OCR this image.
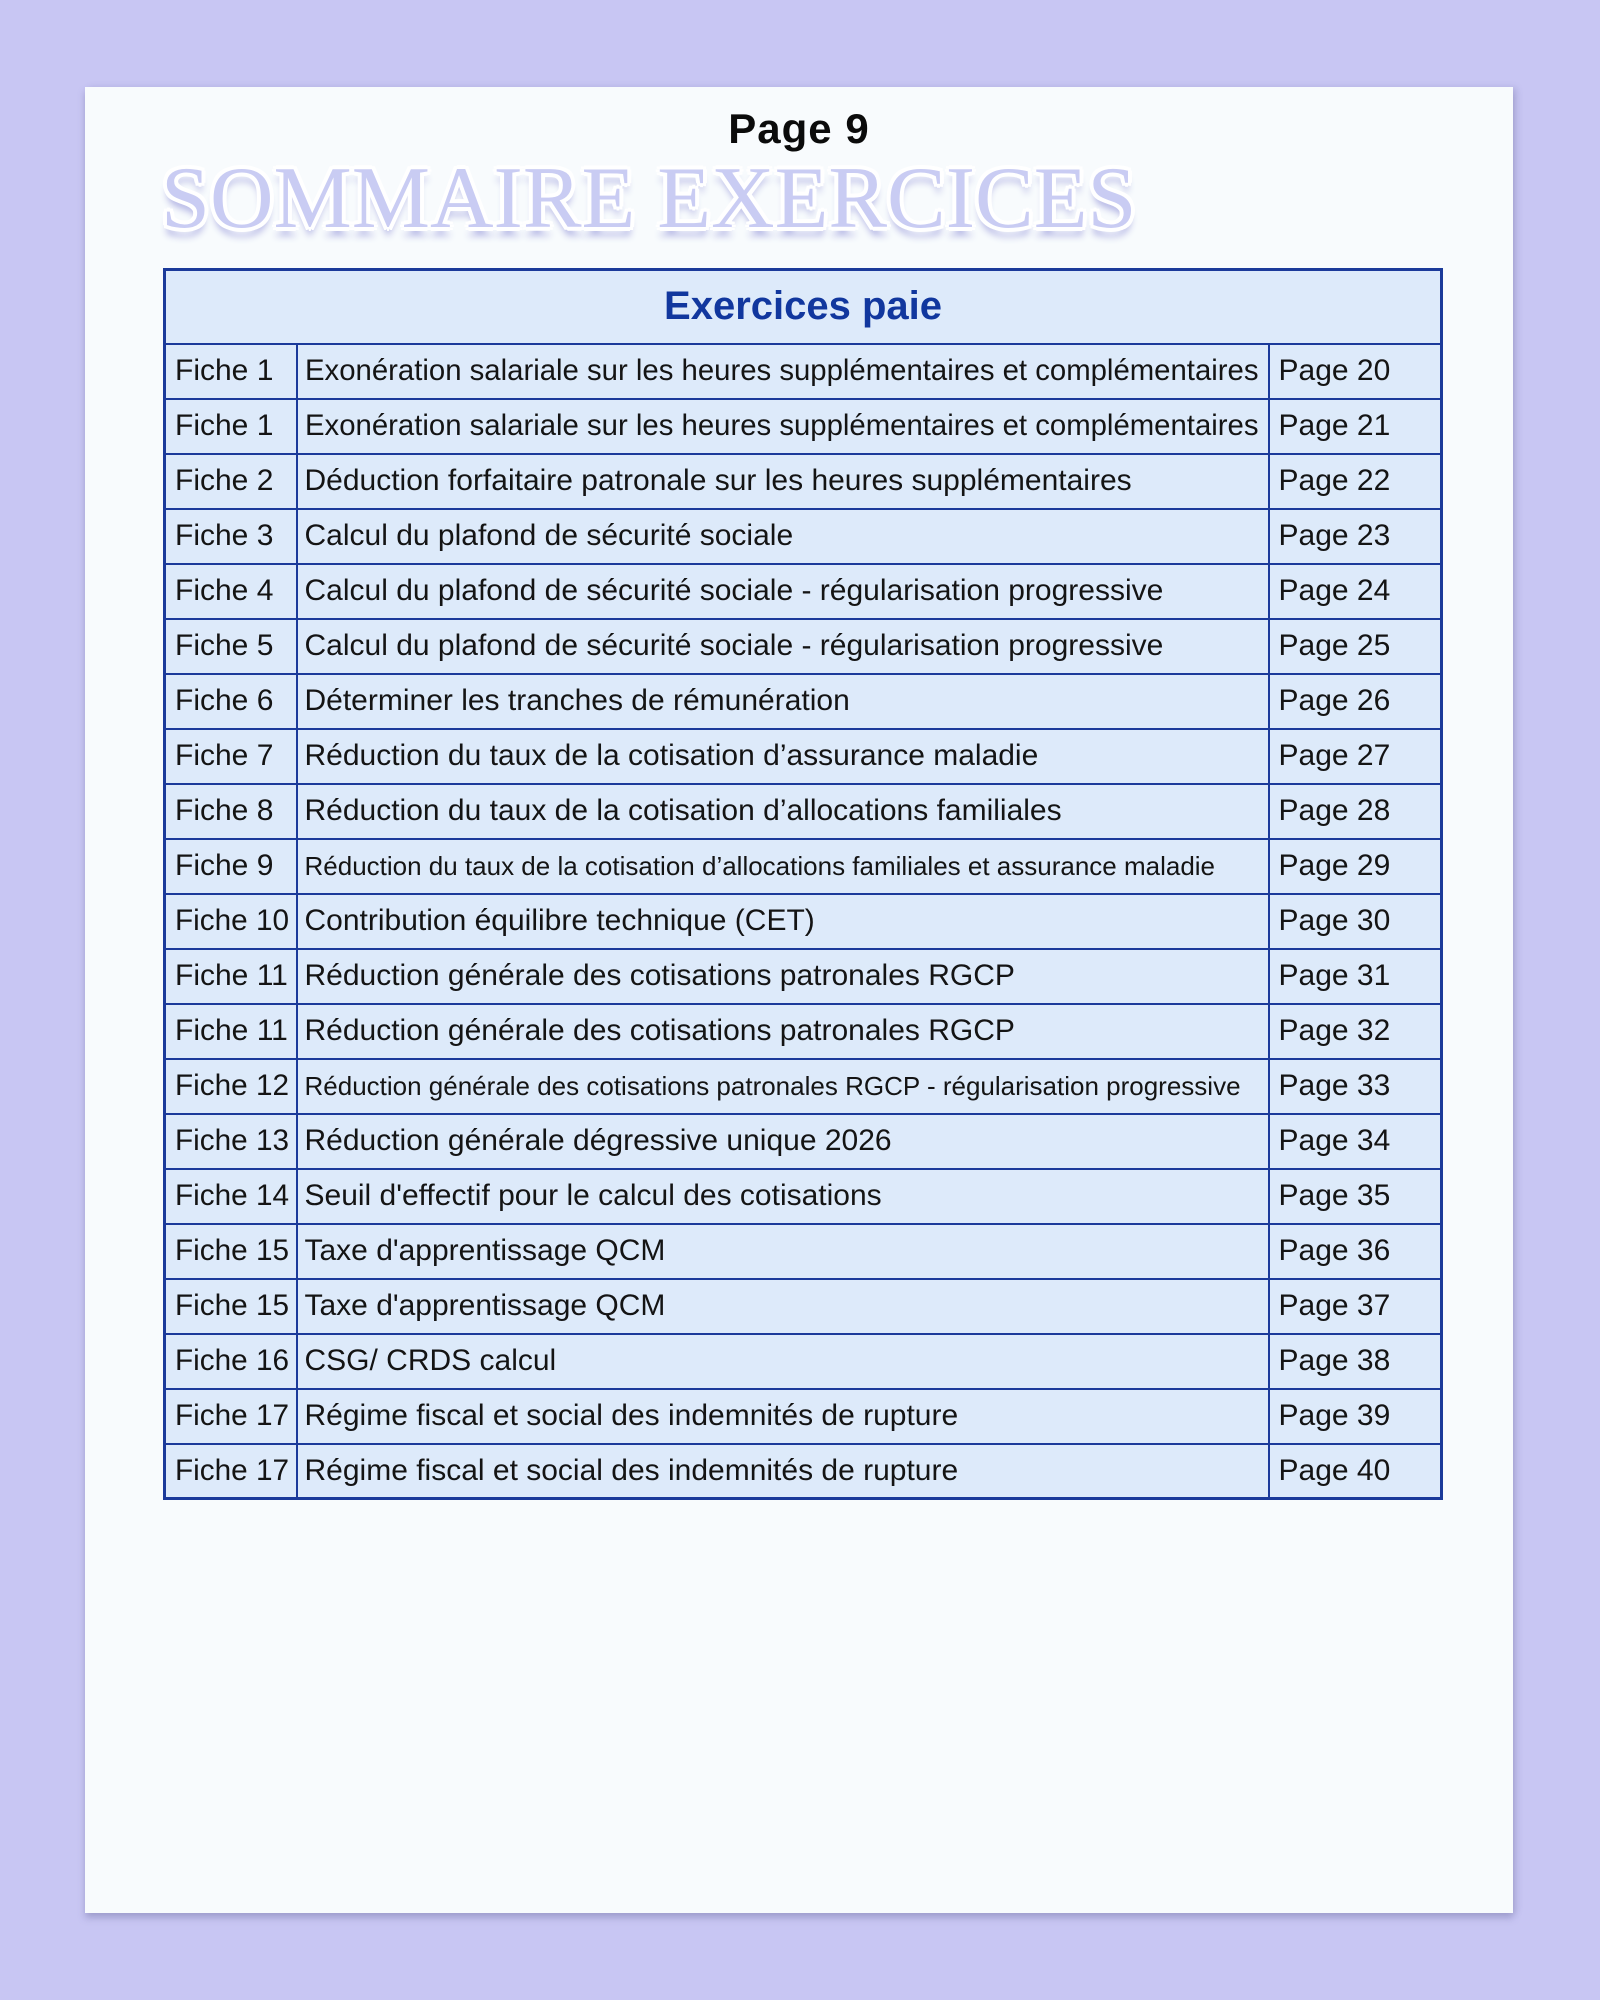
Page 9
SOMMAIRE EXERCICES
Exercices paie		
Fiche 1	Exonération salariale sur les heures supplémentaires et complémentaires	Page 20
Fiche 1	Exonération salariale sur les heures supplémentaires et complémentaires	Page 21
Fiche 2	Déduction forfaitaire patronale sur les heures supplémentaires	Page 22
Fiche 3	Calcul du plafond de sécurité sociale	Page 23
Fiche 4	Calcul du plafond de sécurité sociale - régularisation progressive	Page 24
Fiche 5	Calcul du plafond de sécurité sociale - régularisation progressive	Page 25
Fiche 6	Déterminer les tranches de rémunération	Page 26
Fiche 7	Réduction du taux de la cotisation d’assurance maladie	Page 27
Fiche 8	Réduction du taux de la cotisation d’allocations familiales	Page 28
Fiche 9	Réduction du taux de la cotisation d’allocations familiales et assurance maladie	Page 29
Fiche 10	Contribution équilibre technique (CET)	Page 30
Fiche 11	Réduction générale des cotisations patronales RGCP	Page 31
Fiche 11	Réduction générale des cotisations patronales RGCP	Page 32
Fiche 12	Réduction générale des cotisations patronales RGCP - régularisation progressive	Page 33
Fiche 13	Réduction générale dégressive unique 2026	Page 34
Fiche 14	Seuil d'effectif pour le calcul des cotisations	Page 35
Fiche 15	Taxe d'apprentissage QCM	Page 36
Fiche 15	Taxe d'apprentissage QCM	Page 37
Fiche 16	CSG/ CRDS calcul	Page 38
Fiche 17	Régime fiscal et social des indemnités de rupture	Page 39
Fiche 17	Régime fiscal et social des indemnités de rupture	Page 40
